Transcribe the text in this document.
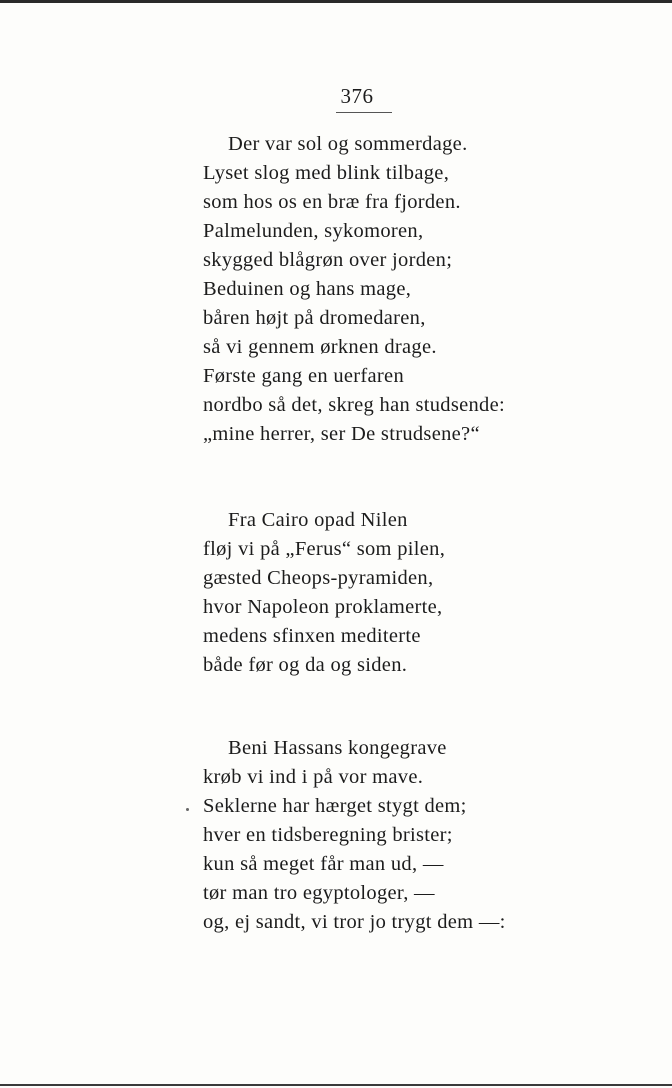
376
Der var sol og sommerdage.
Lyset slog med blink tilbage,
som hos os en bræ fra fjorden.
Palmelunden, sykomoren,
skygged blågrøn over jorden;
Beduinen og hans mage,
båren højt på dromedaren,
så vi gennem ørknen drage.
Første gang en uerfaren
nordbo så det, skreg han studsende:
„mine herrer, ser De strudsene?“
Fra Cairo opad Nilen
fløj vi på „Ferus“ som pilen,
gæsted Cheops-pyramiden,
hvor Napoleon proklamerte,
medens sfinxen mediterte
både før og da og siden.
Beni Hassans kongegrave
krøb vi ind i på vor mave.
Seklerne har hærget stygt dem;
hver en tidsberegning brister;
kun så meget får man ud, —
tør man tro egyptologer, —
og, ej sandt, vi tror jo trygt dem —:
